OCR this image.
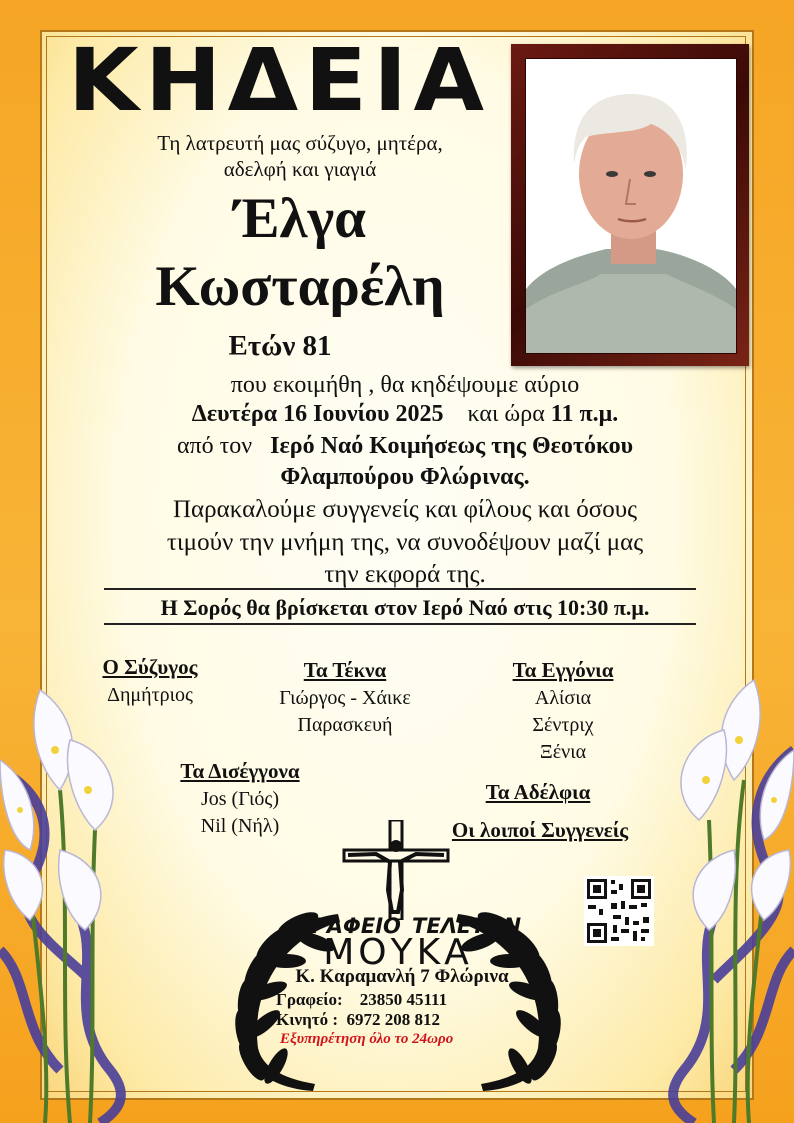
ΚΗΔΕΙΑ
Τη λατρευτή μας σύζυγο, μητέρα,
αδελφή και γιαγιά
Έλγα
Κωσταρέλη
Ετών 81
που εκοιμήθη , θα κηδέψουμε αύριο
Δευτέρα 16 Ιουνίου 2025 και ώρα 11 π.μ.
από τον Ιερό Ναό Κοιμήσεως της Θεοτόκου
Φλαμπούρου Φλώρινας.
Παρακαλούμε συγγενείς και φίλους και όσους
τιμούν την μνήμη της, να συνοδέψουν μαζί μας
την εκφορά της.
Η Σορός θα βρίσκεται στον Ιερό Ναό στις 10:30 π.μ.
Ο Σύζυγος
Δημήτριος
Τα Τέκνα
Γιώργος - Χάικε
Παρασκευή
Τα Εγγόνια
Αλίσια
Σέντριχ
Ξένια
Τα Δισέγγονα
Jos (Γιός)
Nil (Νήλ)
Τα Αδέλφια
Οι λοιποί Συγγενείς
ΓΡΑΦΕΙΟ ΤΕΛΕΤΩΝ
ΜΟΥΚΑ
Κ. Καραμανλή 7 Φλώρινα
Γραφείο: 23850 45111
Κινητό : 6972 208 812
Εξυπηρέτηση όλο το 24ωρο
